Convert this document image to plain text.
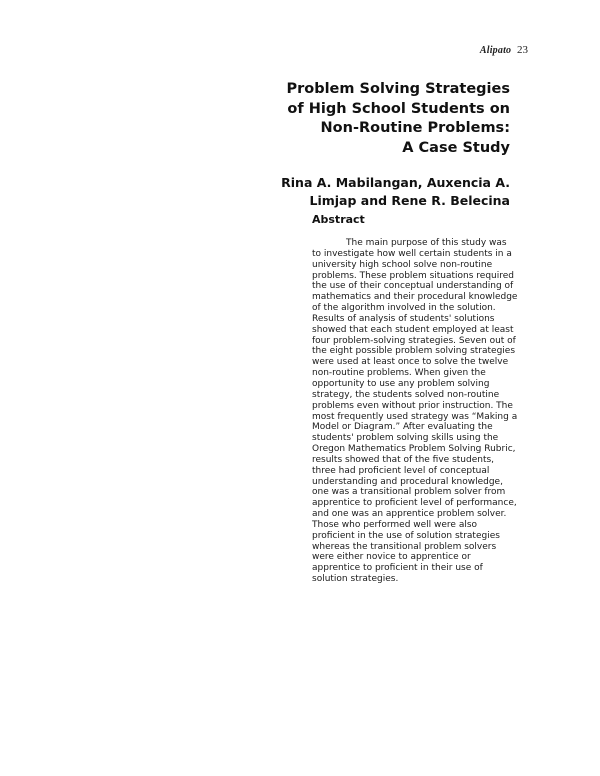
Alipato 23
Problem Solving Strategies
of High School Students on
Non-Routine Problems:
A Case Study
Rina A. Mabilangan, Auxencia A.
Limjap and Rene R. Belecina
Abstract
The main purpose of this study was
to investigate how well certain students in a
university high school solve non-routine
problems. These problem situations required
the use of their conceptual understanding of
mathematics and their procedural knowledge
of the algorithm involved in the solution.
Results of analysis of students' solutions
showed that each student employed at least
four problem-solving strategies. Seven out of
the eight possible problem solving strategies
were used at least once to solve the twelve
non-routine problems. When given the
opportunity to use any problem solving
strategy, the students solved non-routine
problems even without prior instruction. The
most frequently used strategy was “Making a
Model or Diagram.” After evaluating the
students' problem solving skills using the
Oregon Mathematics Problem Solving Rubric,
results showed that of the five students,
three had proficient level of conceptual
understanding and procedural knowledge,
one was a transitional problem solver from
apprentice to proficient level of performance,
and one was an apprentice problem solver.
Those who performed well were also
proficient in the use of solution strategies
whereas the transitional problem solvers
were either novice to apprentice or
apprentice to proficient in their use of
solution strategies.
